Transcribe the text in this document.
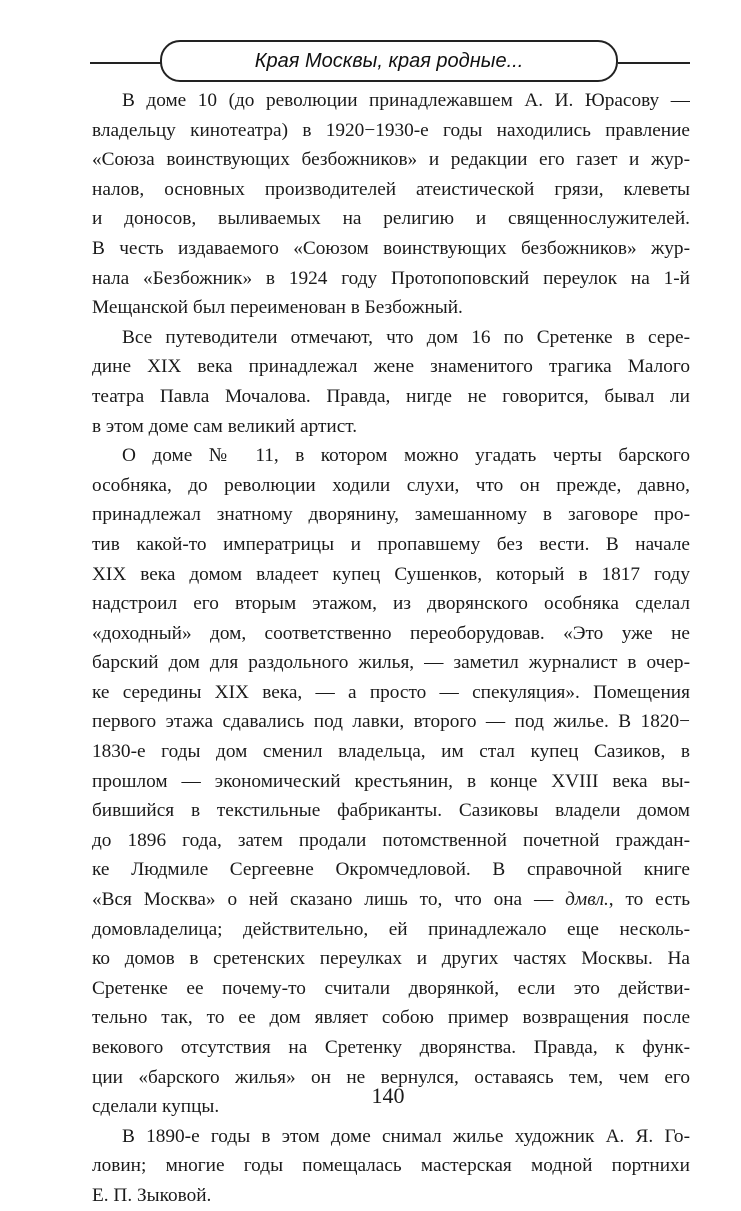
Края Москвы, края родные...
В доме 10 (до революции принадлежавшем А. И. Юрасову —
владельцу кинотеатра) в 1920−1930-е годы находились правление
«Союза воинствующих безбожников» и редакции его газет и жур-
налов, основных производителей атеистической грязи, клеветы
и доносов, выливаемых на религию и священнослужителей.
В честь издаваемого «Союзом воинствующих безбожников» жур-
нала «Безбожник» в 1924 году Протопоповский переулок на 1-й
Мещанской был переименован в Безбожный.
Все путеводители отмечают, что дом 16 по Сретенке в сере-
дине XIX века принадлежал жене знаменитого трагика Малого
театра Павла Мочалова. Правда, нигде не говорится, бывал ли
в этом доме сам великий артист.
О доме № 11, в котором можно угадать черты барского
особняка, до революции ходили слухи, что он прежде, давно,
принадлежал знатному дворянину, замешанному в заговоре про-
тив какой-то императрицы и пропавшему без вести. В начале
XIX века домом владеет купец Сушенков, который в 1817 году
надстроил его вторым этажом, из дворянского особняка сделал
«доходный» дом, соответственно переоборудовав. «Это уже не
барский дом для раздольного жилья, — заметил журналист в очер-
ке середины XIX века, — а просто — спекуляция». Помещения
первого этажа сдавались под лавки, второго — под жилье. В 1820−
1830-е годы дом сменил владельца, им стал купец Сазиков, в
прошлом — экономический крестьянин, в конце XVIII века вы-
бившийся в текстильные фабриканты. Сазиковы владели домом
до 1896 года, затем продали потомственной почетной граждан-
ке Людмиле Сергеевне Окромчедловой. В справочной книге
«Вся Москва» о ней сказано лишь то, что она — дмвл., то есть
домовладелица; действительно, ей принадлежало еще несколь-
ко домов в сретенских переулках и других частях Москвы. На
Сретенке ее почему-то считали дворянкой, если это действи-
тельно так, то ее дом являет собою пример возвращения после
векового отсутствия на Сретенку дворянства. Правда, к функ-
ции «барского жилья» он не вернулся, оставаясь тем, чем его
сделали купцы.
В 1890-е годы в этом доме снимал жилье художник А. Я. Го-
ловин; многие годы помещалась мастерская модной портнихи
Е. П. Зыковой.
140
